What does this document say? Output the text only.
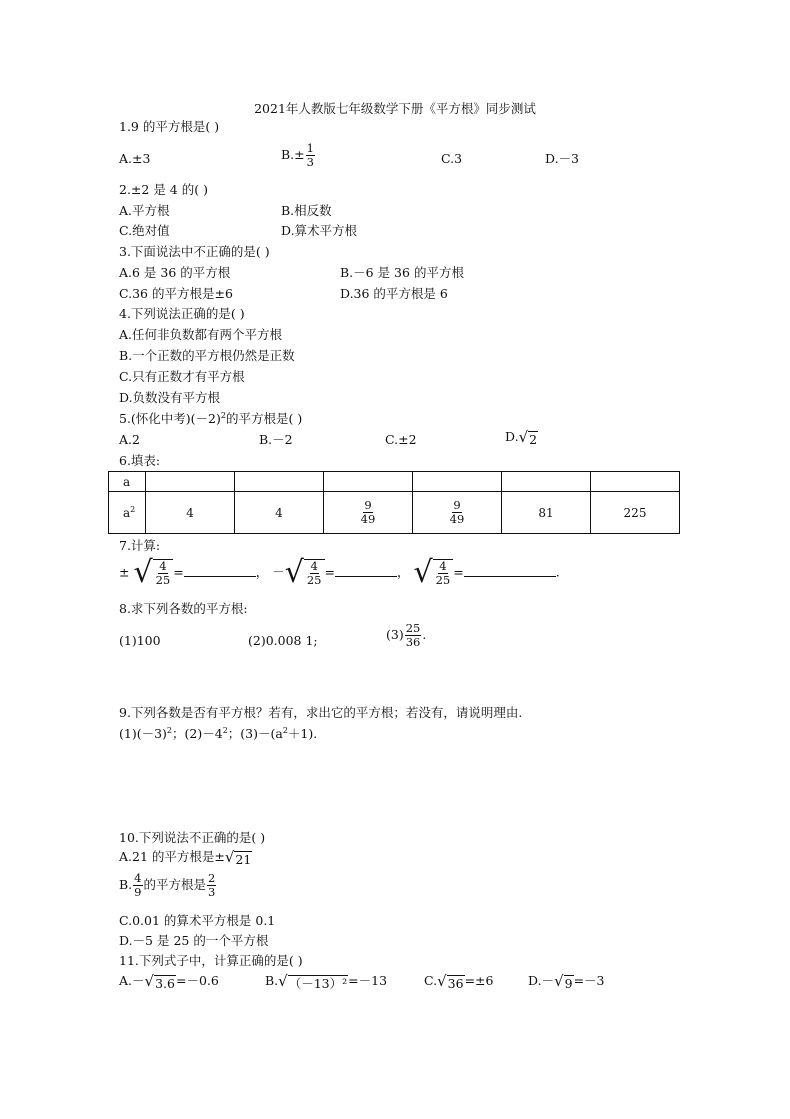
2021年人教版七年级数学下册《平方根》同步测试
1.9 的平方根是( )
A.±3	$B.\pm \frac{1}{3}$	C.3	D.－3
2.±2 是 4 的( )
A.平方根	B.相反数
C.绝对值	D.算术平方根
3.下面说法中不正确的是( )
A.6 是 36 的平方根	B.－6 是 36 的平方根
C.36 的平方根是±6	D.36 的平方根是 6
4.下列说法正确的是( )
A.任何非负数都有两个平方根
B.一个正数的平方根仍然是正数
C.只有正数才有平方根
D.负数没有平方根
5.(怀化中考)$(-2)^2$的平方根是( )
A.2	B.－2	C.±2	D. √ 2
6.填表:
a						
$a^2$	4	4	$\frac{9}{49}$	$\frac{9}{49}$	81	225
7.计算:
± √ $\frac{4}{25}$ =	， － √ $\frac{4}{25}$ =	， √ $\frac{4}{25}$ =	.
8.求下列各数的平方根:
(1)100	(2)0.008 1;	$(3) \frac{25}{36}$ .
9.下列各数是否有平方根？若有，求出它的平方根；若没有，请说明理由.
$(1)(-3)^2$；$(2)-4^2$；$(3)-(a^2+1)$.
10.下列说法不正确的是( )
A.21 的平方根是± √ 21
B. $\frac{4}{9}$ 的平方根是 $\frac{2}{3}$
C.0.01 的算术平方根是 0.1
D.－5 是 25 的一个平方根
11.下列式子中，计算正确的是( )
A.－ √ 3.6 =－0.6	B. √ （－13）² =－13	C. √ 36 =±6	D.－ √ 9 =－3
